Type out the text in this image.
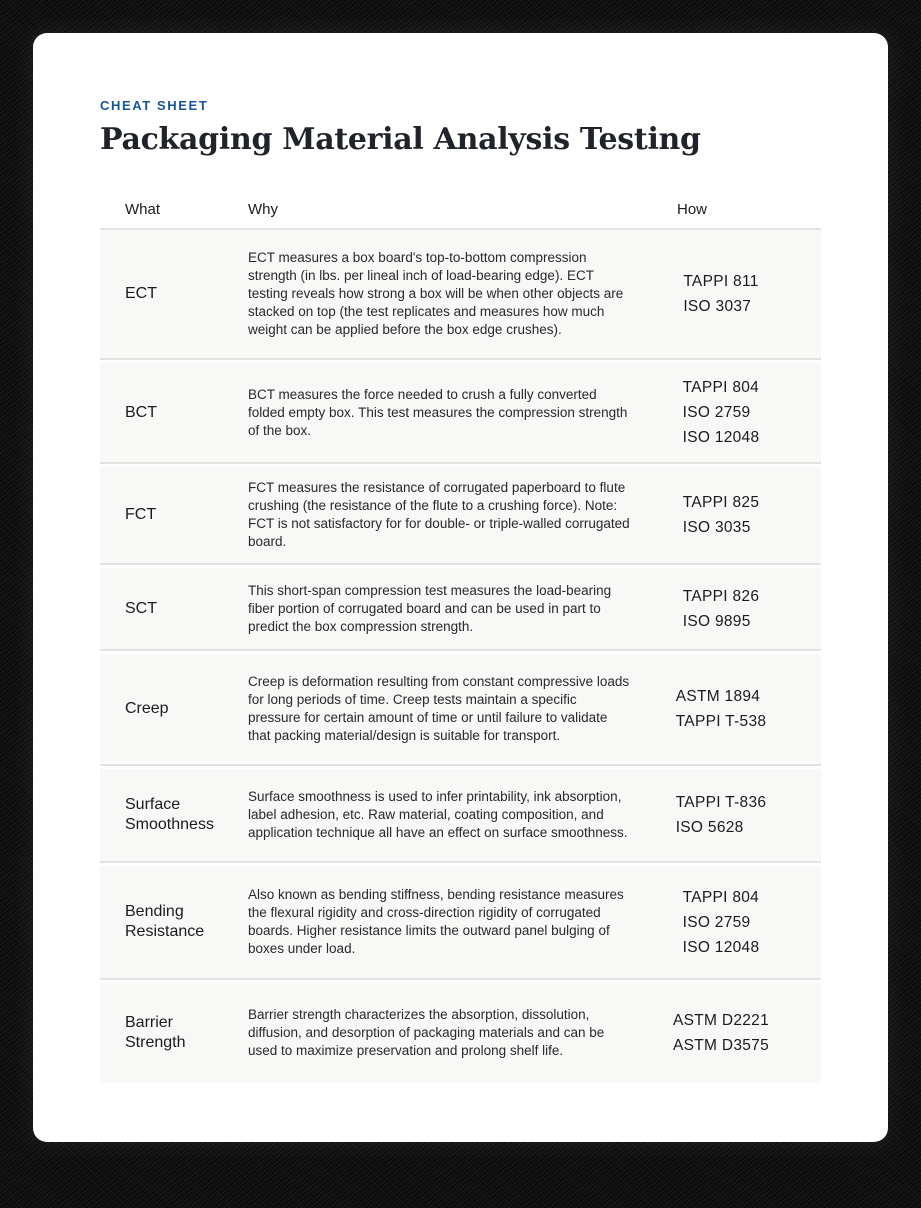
CHEAT SHEET
Packaging Material Analysis Testing
What	Why	How
ECT
ECT measures a box board's top-to-bottom compression strength (in lbs. per lineal inch of load-bearing edge). ECT testing reveals how strong a box will be when other objects are stacked on top (the test replicates and measures how much weight can be applied before the box edge crushes).
TAPPI 811
ISO 3037
BCT
BCT measures the force needed to crush a fully converted folded empty box. This test measures the compression strength of the box.
TAPPI 804
ISO 2759
ISO 12048
FCT
FCT measures the resistance of corrugated paperboard to flute crushing (the resistance of the flute to a crushing force). Note: FCT is not satisfactory for for double- or triple-walled corrugated board.
TAPPI 825
ISO 3035
SCT
This short-span compression test measures the load-bearing fiber portion of corrugated board and can be used in part to predict the box compression strength.
TAPPI 826
ISO 9895
Creep
Creep is deformation resulting from constant compressive loads for long periods of time. Creep tests maintain a specific pressure for certain amount of time or until failure to validate that packing material/design is suitable for transport.
ASTM 1894
TAPPI T-538
Surface Smoothness
Surface smoothness is used to infer printability, ink absorption, label adhesion, etc. Raw material, coating composition, and application technique all have an effect on surface smoothness.
TAPPI T-836
ISO 5628
Bending Resistance
Also known as bending stiffness, bending resistance measures the flexural rigidity and cross-direction rigidity of corrugated boards. Higher resistance limits the outward panel bulging of boxes under load.
TAPPI 804
ISO 2759
ISO 12048
Barrier Strength
Barrier strength characterizes the absorption, dissolution, diffusion, and desorption of packaging materials and can be used to maximize preservation and prolong shelf life.
ASTM D2221
ASTM D3575
